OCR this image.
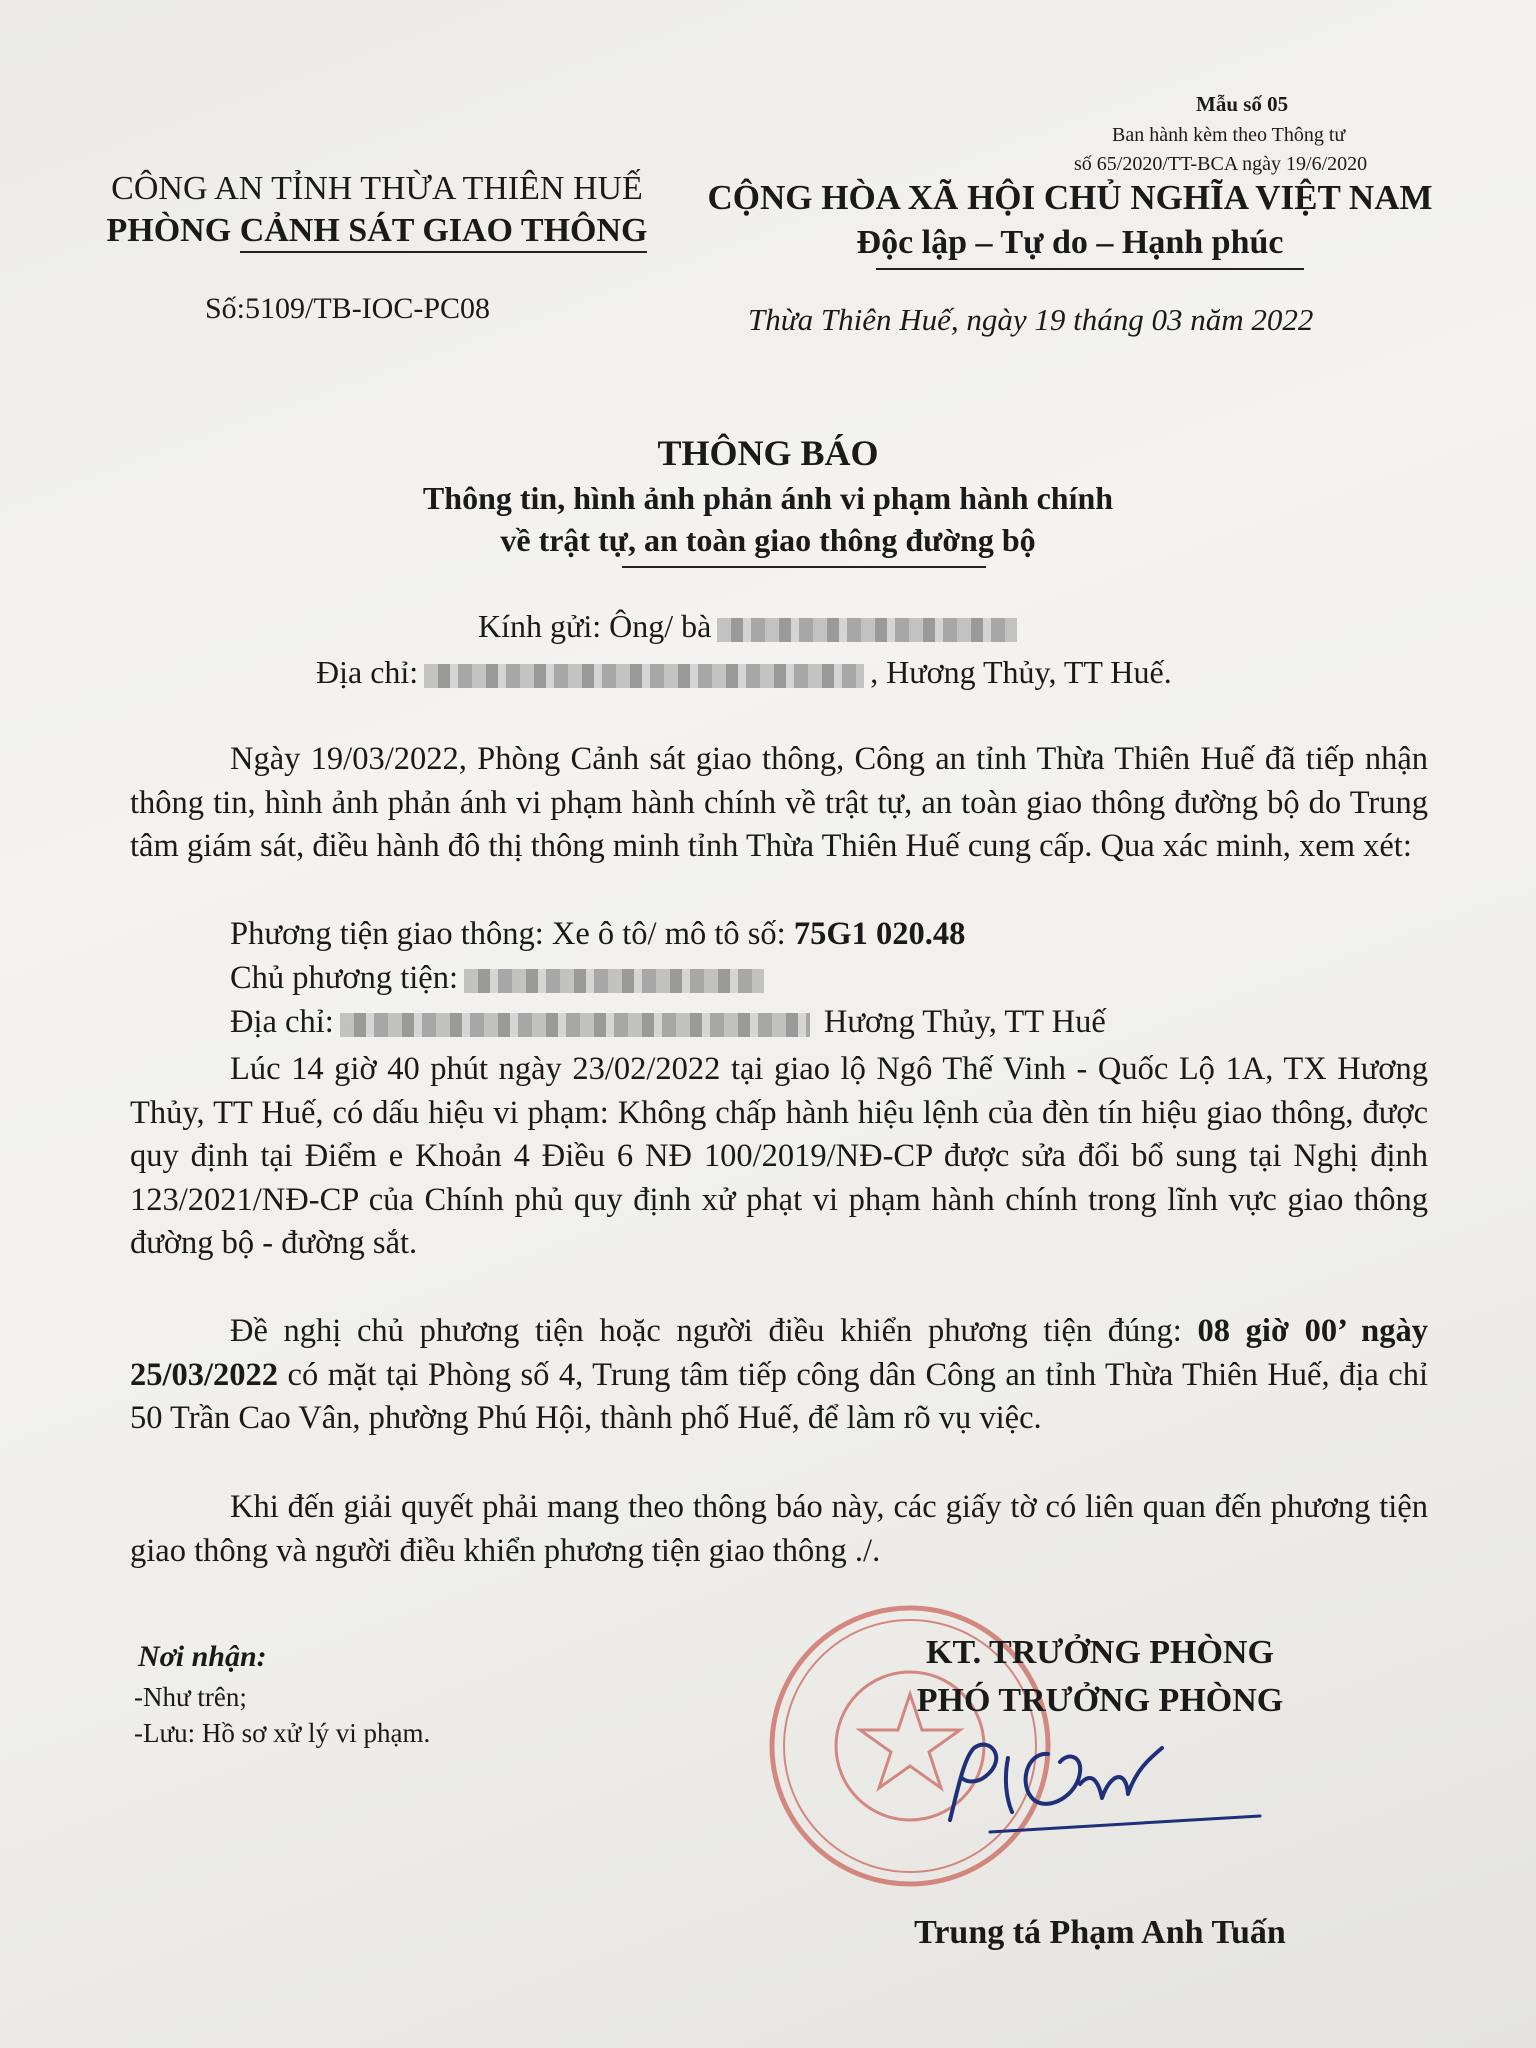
Mẫu số 05
Ban hành kèm theo Thông tư
số 65/2020/TT-BCA ngày 19/6/2020
CÔNG AN TỈNH THỪA THIÊN HUẾ
PHÒNG CẢNH SÁT GIAO THÔNG
Số:5109/TB-IOC-PC08
CỘNG HÒA XÃ HỘI CHỦ NGHĨA VIỆT NAM
Độc lập – Tự do – Hạnh phúc
Thừa Thiên Huế, ngày 19 tháng 03 năm 2022
THÔNG BÁO
Thông tin, hình ảnh phản ánh vi phạm hành chính
về trật tự, an toàn giao thông đường bộ
Kính gửi: Ông/ bà
Địa chỉ:	, Hương Thủy, TT Huế.

Ngày 19/03/2022, Phòng Cảnh sát giao thông, Công an tỉnh Thừa Thiên Huế đã tiếp nhận thông tin, hình ảnh phản ánh vi phạm hành chính về trật tự, an toàn giao thông đường bộ do Trung tâm giám sát, điều hành đô thị thông minh tỉnh Thừa Thiên Huế cung cấp. Qua xác minh, xem xét:

Phương tiện giao thông: Xe ô tô/ mô tô số: 75G1 020.48
Chủ phương tiện:
Địa chỉ:	Hương Thủy, TT Huế

Lúc 14 giờ 40 phút ngày 23/02/2022 tại giao lộ Ngô Thế Vinh - Quốc Lộ 1A, TX Hương Thủy, TT Huế, có dấu hiệu vi phạm: Không chấp hành hiệu lệnh của đèn tín hiệu giao thông, được quy định tại Điểm e Khoản 4 Điều 6 NĐ 100/2019/NĐ-CP được sửa đổi bổ sung tại Nghị định 123/2021/NĐ-CP của Chính phủ quy định xử phạt vi phạm hành chính trong lĩnh vực giao thông đường bộ - đường sắt.

Đề nghị chủ phương tiện hoặc người điều khiển phương tiện đúng: 08 giờ 00’ ngày 25/03/2022 có mặt tại Phòng số 4, Trung tâm tiếp công dân Công an tỉnh Thừa Thiên Huế, địa chỉ 50 Trần Cao Vân, phường Phú Hội, thành phố Huế, để làm rõ vụ việc.

Khi đến giải quyết phải mang theo thông báo này, các giấy tờ có liên quan đến phương tiện giao thông và người điều khiển phương tiện giao thông ./.

Nơi nhận:
-Như trên;
-Lưu: Hồ sơ xử lý vi phạm.
KT. TRƯỞNG PHÒNG
PHÓ TRƯỞNG PHÒNG
Trung tá Phạm Anh Tuấn
